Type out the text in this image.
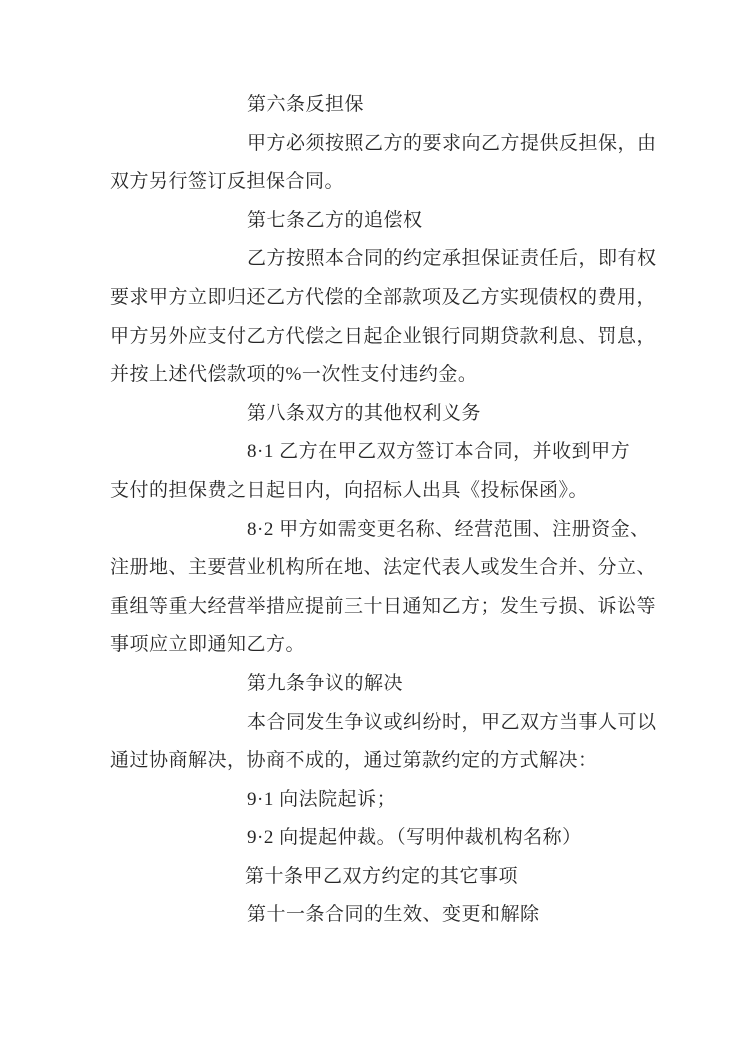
第六条反担保
甲方必须按照乙方的要求向乙方提供反担保，由
双方另行签订反担保合同。
第七条乙方的追偿权
乙方按照本合同的约定承担保证责任后，即有权
要求甲方立即归还乙方代偿的全部款项及乙方实现债权的费用，
甲方另外应支付乙方代偿之日起企业银行同期贷款利息、罚息，
并按上述代偿款项的%一次性支付违约金。
第八条双方的其他权利义务
8·1 乙方在甲乙双方签订本合同，并收到甲方
支付的担保费之日起日内，向招标人出具《投标保函》。
8·2 甲方如需变更名称、经营范围、注册资金、
注册地、主要营业机构所在地、法定代表人或发生合并、分立、
重组等重大经营举措应提前三十日通知乙方；发生亏损、诉讼等
事项应立即通知乙方。
第九条争议的解决
本合同发生争议或纠纷时，甲乙双方当事人可以
通过协商解决，协商不成的，通过第款约定的方式解决：
9·1 向法院起诉；
9·2 向提起仲裁。（写明仲裁机构名称）
第十条甲乙双方约定的其它事项
第十一条合同的生效、变更和解除
